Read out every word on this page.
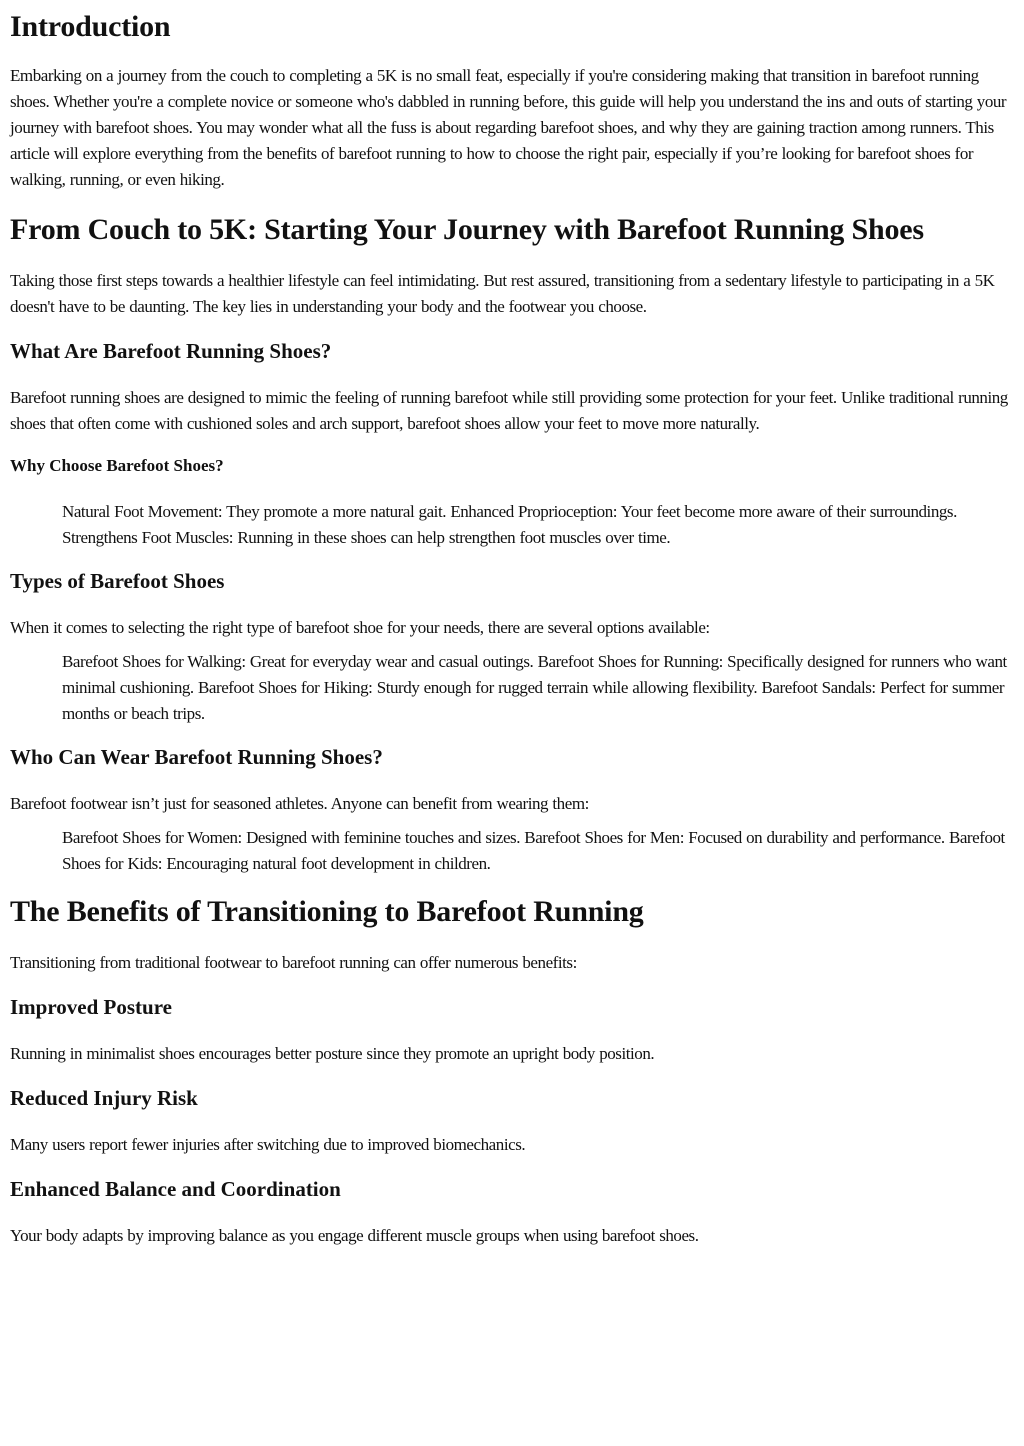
Introduction

Embarking on a journey from the couch to completing a 5K is no small feat, especially if you're considering making that transition in barefoot running shoes. Whether you're a complete novice or someone who's dabbled in running before, this guide will help you understand the ins and outs of starting your journey with barefoot shoes. You may wonder what all the fuss is about regarding barefoot shoes, and why they are gaining traction among runners. This article will explore everything from the benefits of barefoot running to how to choose the right pair, especially if you’re looking for barefoot shoes for walking, running, or even hiking.

From Couch to 5K: Starting Your Journey with Barefoot Running Shoes

Taking those first steps towards a healthier lifestyle can feel intimidating. But rest assured, transitioning from a sedentary lifestyle to participating in a 5K doesn't have to be daunting. The key lies in understanding your body and the footwear you choose.

What Are Barefoot Running Shoes?

Barefoot running shoes are designed to mimic the feeling of running barefoot while still providing some protection for your feet. Unlike traditional running shoes that often come with cushioned soles and arch support, barefoot shoes allow your feet to move more naturally.

Why Choose Barefoot Shoes?

Natural Foot Movement: They promote a more natural gait. Enhanced Proprioception: Your feet become more aware of their surroundings. Strengthens Foot Muscles: Running in these shoes can help strengthen foot muscles over time.

Types of Barefoot Shoes

When it comes to selecting the right type of barefoot shoe for your needs, there are several options available:

Barefoot Shoes for Walking: Great for everyday wear and casual outings. Barefoot Shoes for Running: Specifically designed for runners who want minimal cushioning. Barefoot Shoes for Hiking: Sturdy enough for rugged terrain while allowing flexibility. Barefoot Sandals: Perfect for summer months or beach trips.

Who Can Wear Barefoot Running Shoes?

Barefoot footwear isn’t just for seasoned athletes. Anyone can benefit from wearing them:

Barefoot Shoes for Women: Designed with feminine touches and sizes. Barefoot Shoes for Men: Focused on durability and performance. Barefoot Shoes for Kids: Encouraging natural foot development in children.

The Benefits of Transitioning to Barefoot Running

Transitioning from traditional footwear to barefoot running can offer numerous benefits:

Improved Posture

Running in minimalist shoes encourages better posture since they promote an upright body position.

Reduced Injury Risk

Many users report fewer injuries after switching due to improved biomechanics.

Enhanced Balance and Coordination

Your body adapts by improving balance as you engage different muscle groups when using barefoot shoes.
